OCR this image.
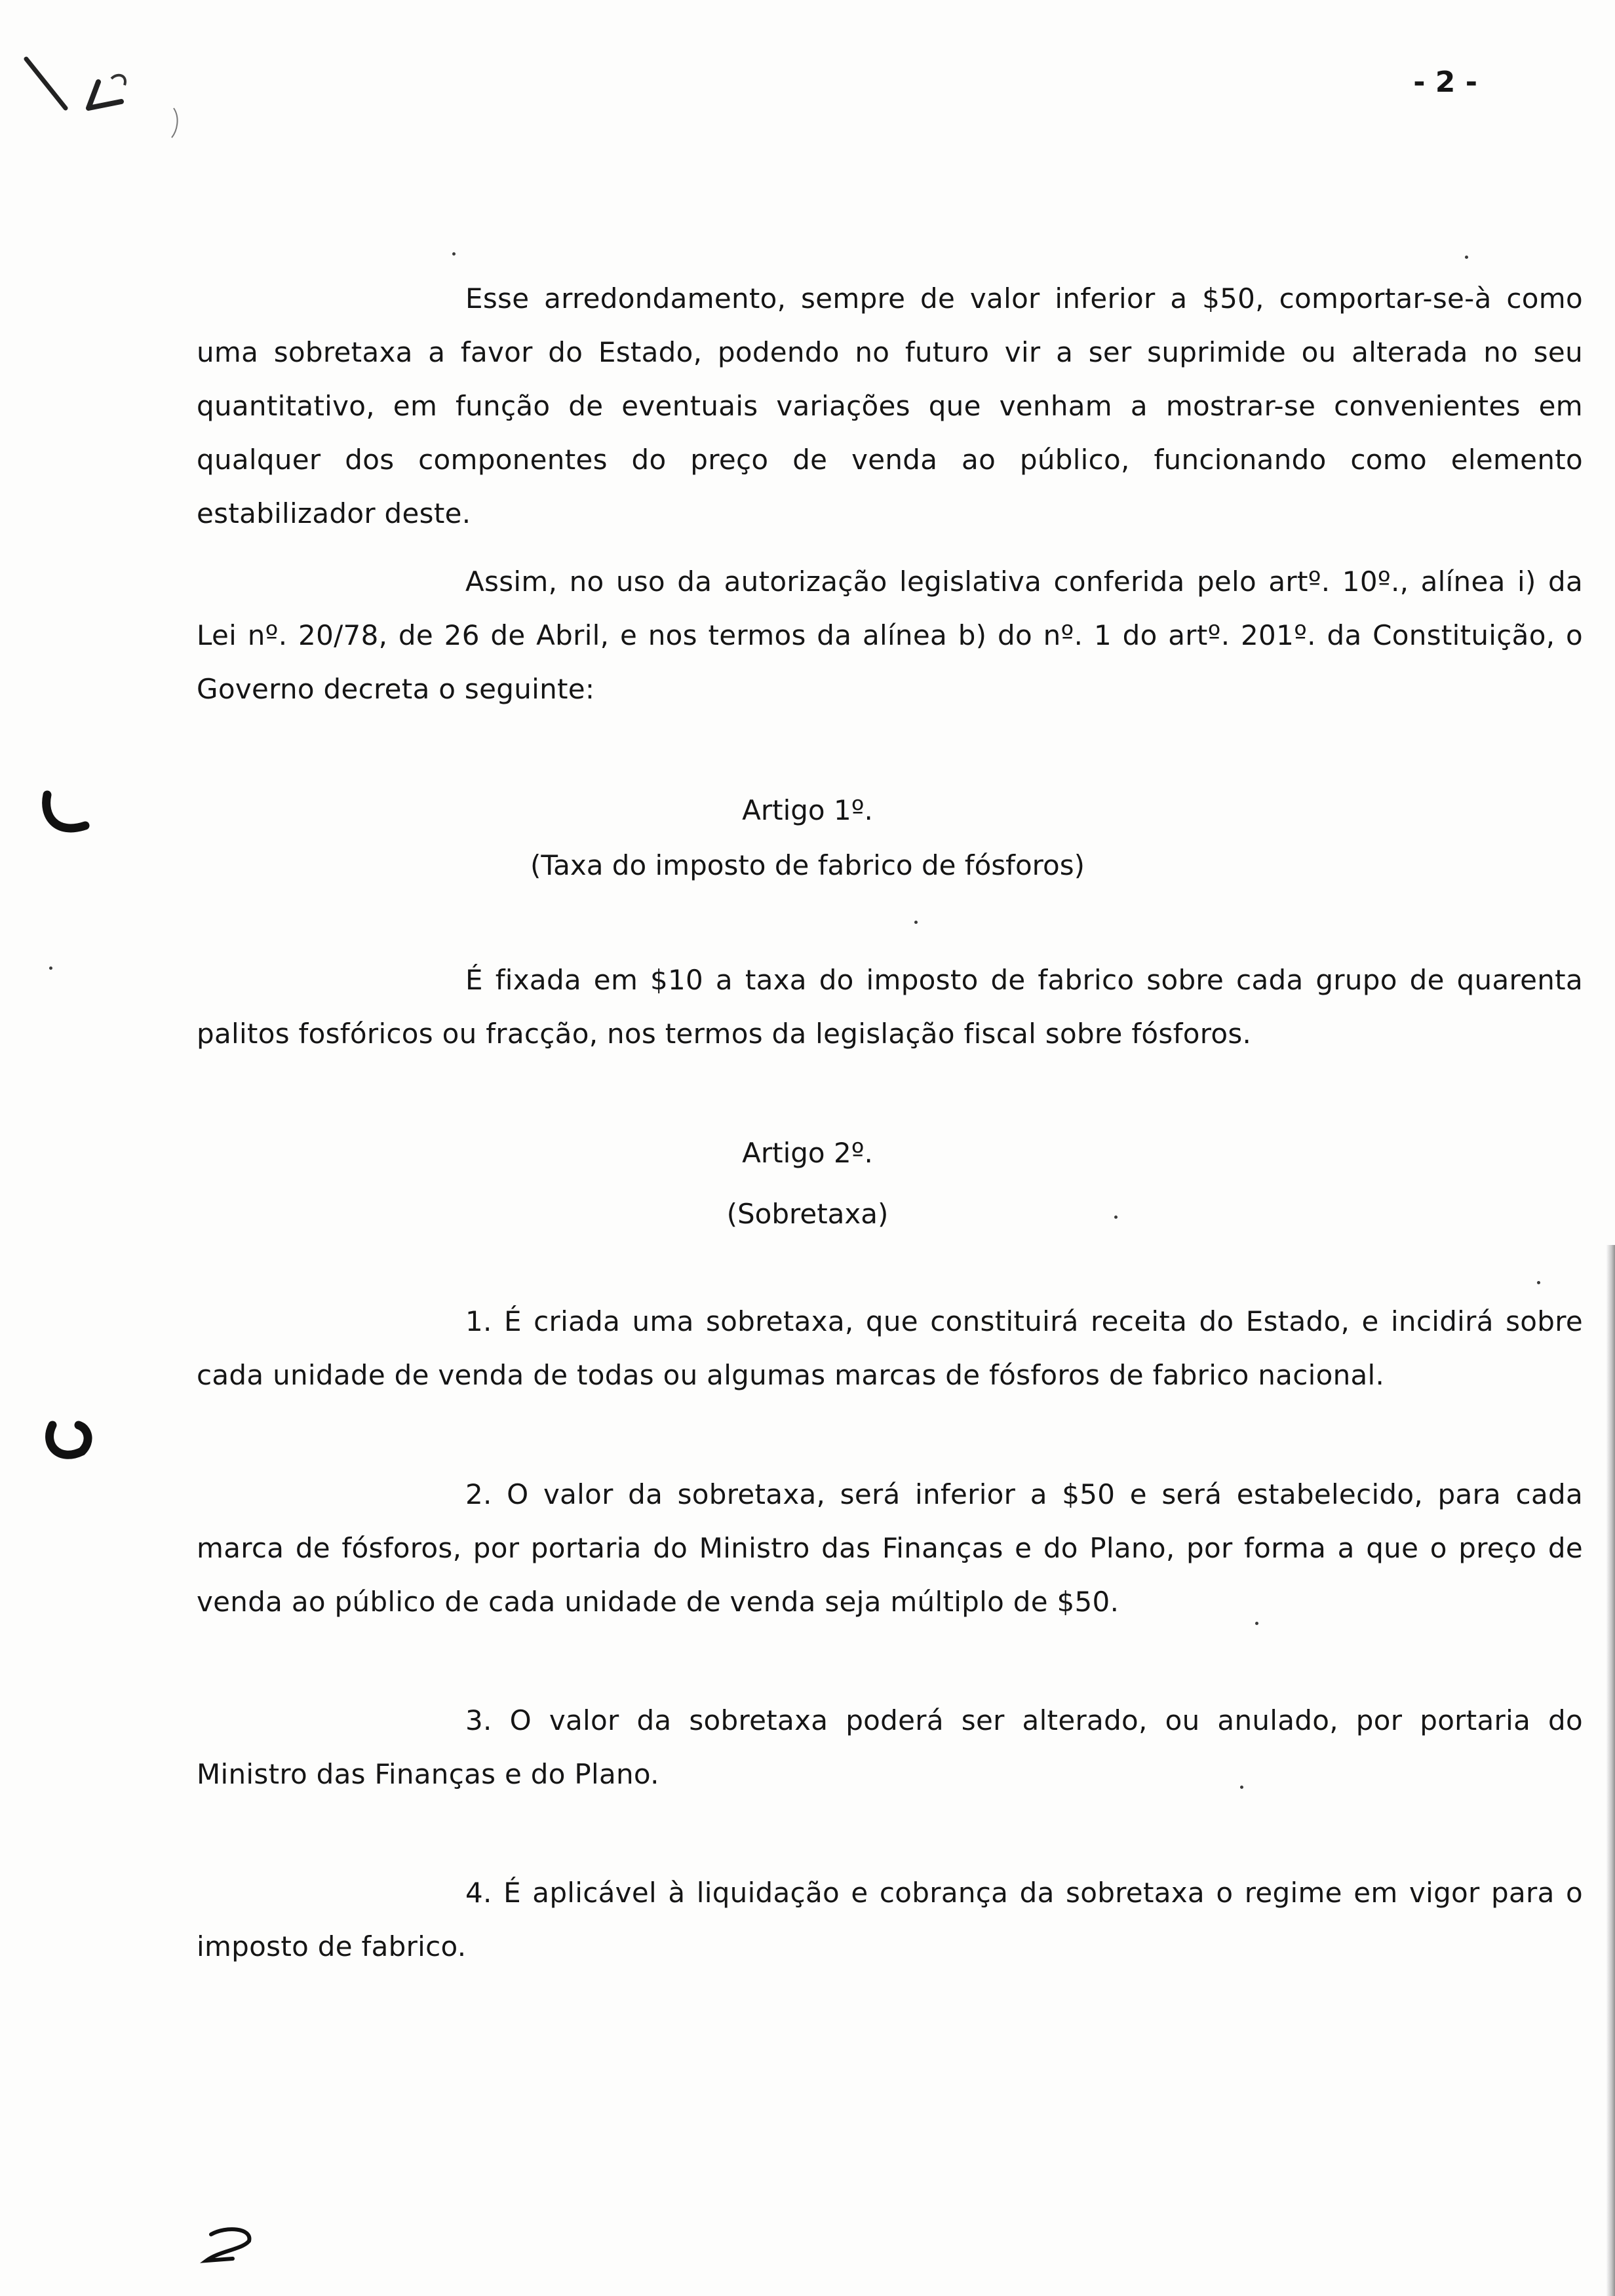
- 2 -

Esse arredondamento, sempre de valor inferior a $50, comportar-se-à como uma sobretaxa a favor do Estado, podendo no futuro vir a ser suprimide ou alterada no seu quantitativo, em função de eventuais variações que venham a mostrar-se convenientes em qualquer dos componentes do preço de venda ao público, funcionando como elemento estabilizador deste.

Assim, no uso da autorização legislativa conferida pelo artº. 10º., alínea i) da Lei nº. 20/78, de 26 de Abril, e nos termos da alínea b) do nº. 1 do artº. 201º. da Constituição, o Governo decreta o seguinte:

Artigo 1º.
(Taxa do imposto de fabrico de fósforos)

É fixada em $10 a taxa do imposto de fabrico sobre cada grupo de quarenta palitos fosfóricos ou fracção, nos termos da legislação fiscal sobre fósforos.

Artigo 2º.
(Sobretaxa)

1. É criada uma sobretaxa, que constituirá receita do Estado, e incidirá sobre cada unidade de venda de todas ou algumas marcas de fósforos de fabrico nacional.

2. O valor da sobretaxa, será inferior a $50 e será estabelecido, para cada marca de fósforos, por portaria do Ministro das Finanças e do Plano, por forma a que o preço de venda ao público de cada unidade de venda seja múltiplo de $50.

3. O valor da sobretaxa poderá ser alterado, ou anulado, por portaria do Ministro das Finanças e do Plano.

4. É aplicável à liquidação e cobrança da sobretaxa o regime em vigor para o imposto de fabrico.
